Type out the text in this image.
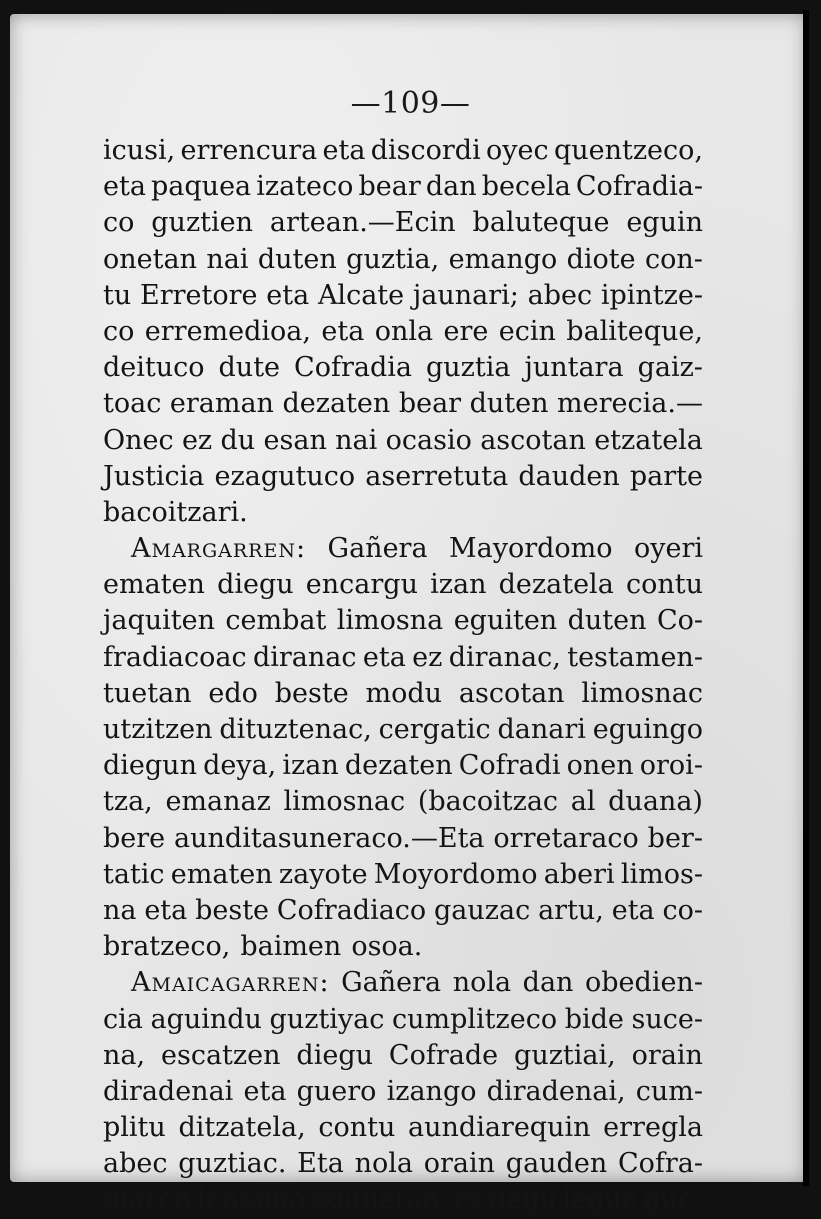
—109—
icusi, errencura eta discordi oyec quentzeco,
eta paquea izateco bear dan becela Cofradia-
co guztien artean.—Ecin baluteque eguin
onetan nai duten guztia, emango diote con-
tu Erretore eta Alcate jaunari; abec ipintze-
co erremedioa, eta onla ere ecin baliteque,
deituco dute Cofradia guztia juntara gaiz-
toac eraman dezaten bear duten merecia.—
Onec ez du esan nai ocasio ascotan etzatela
Justicia ezagutuco aserretuta dauden parte
bacoitzari.
Amargarren: Gañera Mayordomo oyeri
ematen diegu encargu izan dezatela contu
jaquiten cembat limosna eguiten duten Co-
fradiacoac diranac eta ez diranac, testamen-
tuetan edo beste modu ascotan limosnac
utzitzen dituztenac, cergatic danari eguingo
diegun deya, izan dezaten Cofradi onen oroi-
tza, emanaz limosnac (bacoitzac al duana)
bere aunditasuneraco.—Eta orretaraco ber-
tatic ematen zayote Moyordomo aberi limos-
na eta beste Cofradiaco gauzac artu, eta co-
bratzeco, baimen osoa.
Amaicagarren: Gañera nola dan obedien-
cia aguindu guztiyac cumplitzeco bide sucе-
na, escatzen diegu Cofrade guztiai, orain
diradenai eta guero izango diradenai, cum-
plitu ditzatela, contu aundiarequin erregla
abec guztiac. Eta nola orain gauden Cofra-
diaren lenengo egunetan, ez degu legue gue-
